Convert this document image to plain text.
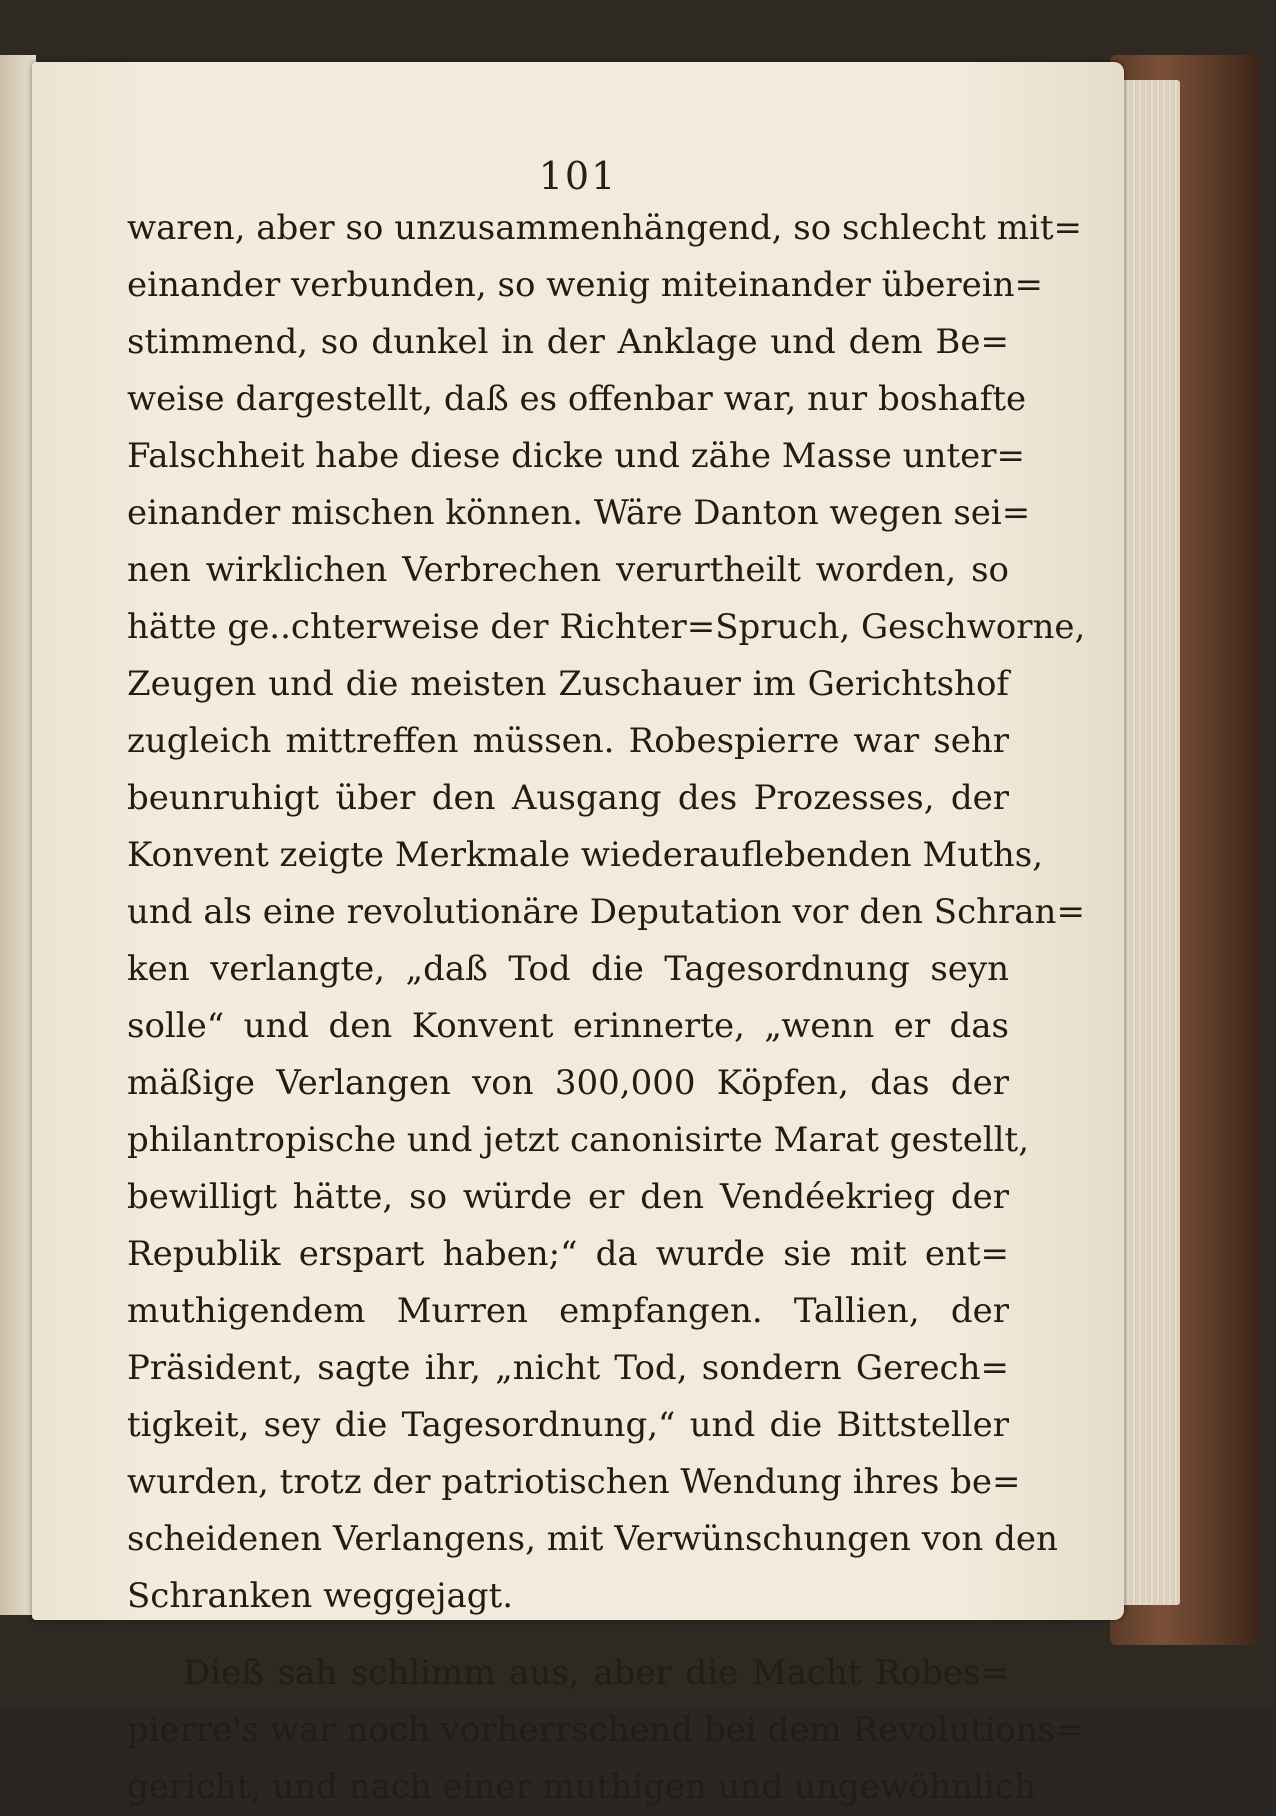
101
waren, aber so unzusammenhängend, so schlecht mit=
einander verbunden, so wenig miteinander überein=
stimmend, so dunkel in der Anklage und dem Be=
weise dargestellt, daß es offenbar war, nur boshafte
Falschheit habe diese dicke und zähe Masse unter=
einander mischen können. Wäre Danton wegen sei=
nen wirklichen Verbrechen verurtheilt worden, so
hätte ge..chterweise der Richter=Spruch, Geschworne,
Zeugen und die meisten Zuschauer im Gerichtshof
zugleich mittreffen müssen. Robespierre war sehr
beunruhigt über den Ausgang des Prozesses, der
Konvent zeigte Merkmale wiederauflebenden Muths,
und als eine revolutionäre Deputation vor den Schran=
ken verlangte, „daß Tod die Tagesordnung seyn
solle“ und den Konvent erinnerte, „wenn er das
mäßige Verlangen von 300,000 Köpfen, das der
philantropische und jetzt canonisirte Marat gestellt,
bewilligt hätte, so würde er den Vendéekrieg der
Republik erspart haben;“ da wurde sie mit ent=
muthigendem Murren empfangen. Tallien, der
Präsident, sagte ihr, „nicht Tod, sondern Gerech=
tigkeit, sey die Tagesordnung,“ und die Bittsteller
wurden, trotz der patriotischen Wendung ihres be=
scheidenen Verlangens, mit Verwünschungen von den
Schranken weggejagt.
Dieß sah schlimm aus, aber die Macht Robes=
pierre's war noch vorherrschend bei dem Revolutions=
gericht, und nach einer muthigen und ungewöhnlich
